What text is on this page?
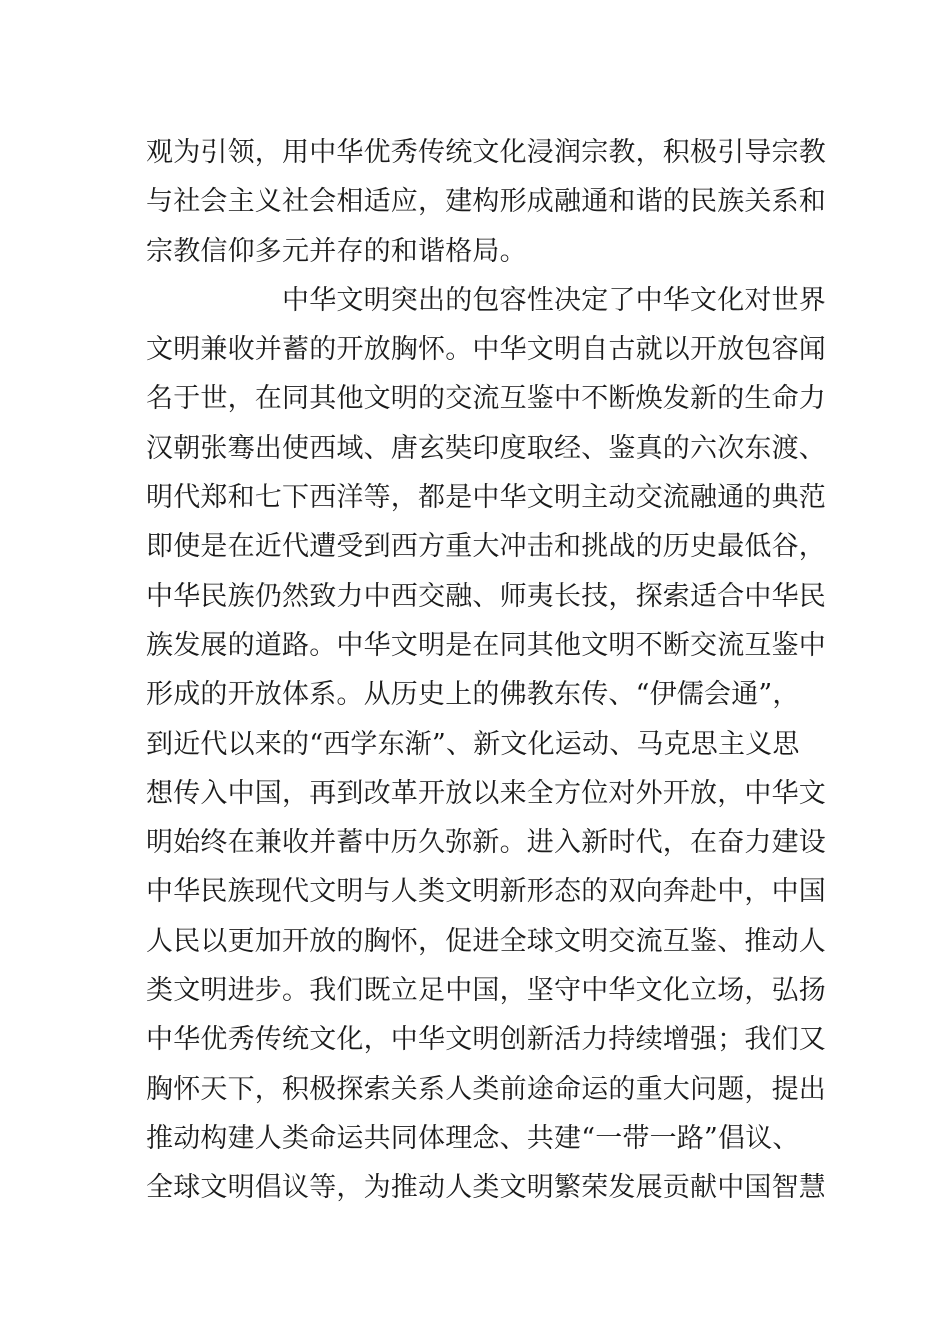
观为引领，用中华优秀传统文化浸润宗教，积极引导宗教
与社会主义社会相适应，建构形成融通和谐的民族关系和
宗教信仰多元并存的和谐格局。
中华文明突出的包容性决定了中华文化对世界
文明兼收并蓄的开放胸怀。中华文明自古就以开放包容闻
名于世，在同其他文明的交流互鉴中不断焕发新的生命力
汉朝张骞出使西域、唐玄奘印度取经、鉴真的六次东渡、
明代郑和七下西洋等，都是中华文明主动交流融通的典范
即使是在近代遭受到西方重大冲击和挑战的历史最低谷，
中华民族仍然致力中西交融、师夷长技，探索适合中华民
族发展的道路。中华文明是在同其他文明不断交流互鉴中
形成的开放体系。从历史上的佛教东传、“伊儒会通”，
到近代以来的“西学东渐”、新文化运动、马克思主义思
想传入中国，再到改革开放以来全方位对外开放，中华文
明始终在兼收并蓄中历久弥新。进入新时代，在奋力建设
中华民族现代文明与人类文明新形态的双向奔赴中，中国
人民以更加开放的胸怀，促进全球文明交流互鉴、推动人
类文明进步。我们既立足中国，坚守中华文化立场，弘扬
中华优秀传统文化，中华文明创新活力持续增强；我们又
胸怀天下，积极探索关系人类前途命运的重大问题，提出
推动构建人类命运共同体理念、共建“一带一路”倡议、
全球文明倡议等，为推动人类文明繁荣发展贡献中国智慧
